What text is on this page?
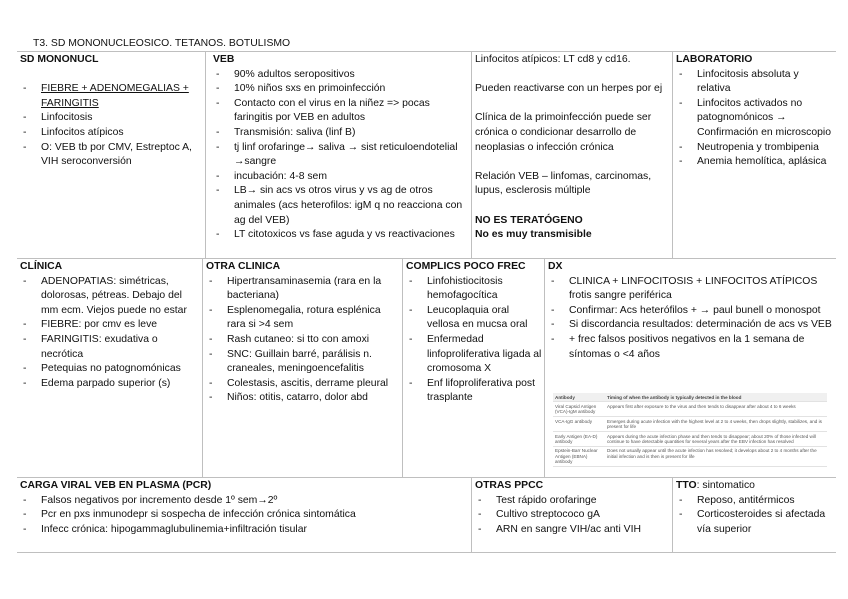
T3. SD MONONUCLEOSICO. TETANOS. BOTULISMO
SD MONONUCL
- FIEBRE + ADENOMEGALIAS + FARINGITIS
- Linfocitosis
- Linfocitos atípicos
- O: VEB tb por CMV, Estreptoc A, VIH seroconversión
VEB
- 90% adultos seropositivos
- 10% niños sxs en primoinfección
- Contacto con el virus en la niñez => pocas faringitis por VEB en adultos
- Transmisión: saliva (linf B)
- tj linf orofaringe→ saliva → sist reticuloendotelial →sangre
- incubación: 4-8 sem
- LB→ sin acs vs otros virus y vs ag de otros animales (acs heterofilos: igM q no reacciona con ag del VEB)
- LT citotoxicos vs fase aguda y vs reactivaciones

Linfocitos atípicos: LT cd8 y cd16.

Pueden reactivarse con un herpes por ej

Clínica de la primoinfección puede ser crónica o condicionar desarrollo de neoplasias o infección crónica

Relación VEB – linfomas, carcinomas, lupus, esclerosis múltiple

NO ES TERATÓGENO

No es muy transmisible

LABORATORIO
- Linfocitosis absoluta y relativa
- Linfocitos activados no patognomónicos → Confirmación en microscopio
- Neutropenia y trombipenia
- Anemia hemolítica, aplásica
CLÍNICA
- ADENOPATIAS: simétricas, dolorosas, pétreas. Debajo del mm ecm. Viejos puede no estar
- FIEBRE: por cmv es leve
- FARINGITIS: exudativa o necrótica
- Petequias no patognomónicas
- Edema parpado superior (s)
OTRA CLINICA
- Hipertransaminasemia (rara en la bacteriana)
- Esplenomegalia, rotura esplénica rara si >4 sem
- Rash cutaneo: si tto con amoxi
- SNC: Guillain barré, parálisis n. craneales, meningoencefalitis
- Colestasis, ascitis, derrame pleural
- Niños: otitis, catarro, dolor abd
COMPLICS POCO FREC
- Linfohistiocitosis hemofagocítica
- Leucoplaquia oral vellosa en mucsa oral
- Enfermedad linfoproliferativa ligada al cromosoma X
- Enf lifoproliferativa post trasplante
DX
- CLINICA + LINFOCITOSIS + LINFOCITOS ATÍPICOS frotis sangre periférica
- Confirmar: Acs heterófilos + → paul bunell o monospot
- Si discordancia resultados: determinación de acs vs VEB
- + frec falsos positivos negativos en la 1 semana de síntomas o <4 años
Antibody	Timing of when the antibody is typically detected in the blood
Viral Capsid Antigen (VCA)-IgM antibody	Appears first after exposure to the virus and then tends to disappear after about 4 to 6 weeks
VCA-IgG antibody	Emerges during acute infection with the highest level at 2 to 4 weeks, then drops slightly, stabilizes, and is present for life
Early Antigen (EA-D) antibody	Appears during the acute infection phase and then tends to disappear; about 20% of those infected will continue to have detectable quantities for several years after the EBV infection has resolved
Epstein-Barr Nuclear Antigen (EBNA) antibody	Does not usually appear until the acute infection has resolved; it develops about 2 to 4 months after the initial infection and is then is present for life
CARGA VIRAL VEB EN PLASMA (PCR)
- Falsos negativos por incremento desde 1º sem→2º
- Pcr en pxs inmunodepr si sospecha de infección crónica sintomática
- Infecc crónica: hipogammaglubulinemia+infiltración tisular
OTRAS PPCC
- Test rápido orofaringe
- Cultivo streptococo gA
- ARN en sangre VIH/ac anti VIH
TTO: sintomatico
- Reposo, antitérmicos
- Corticosteroides si afectada vía superior
